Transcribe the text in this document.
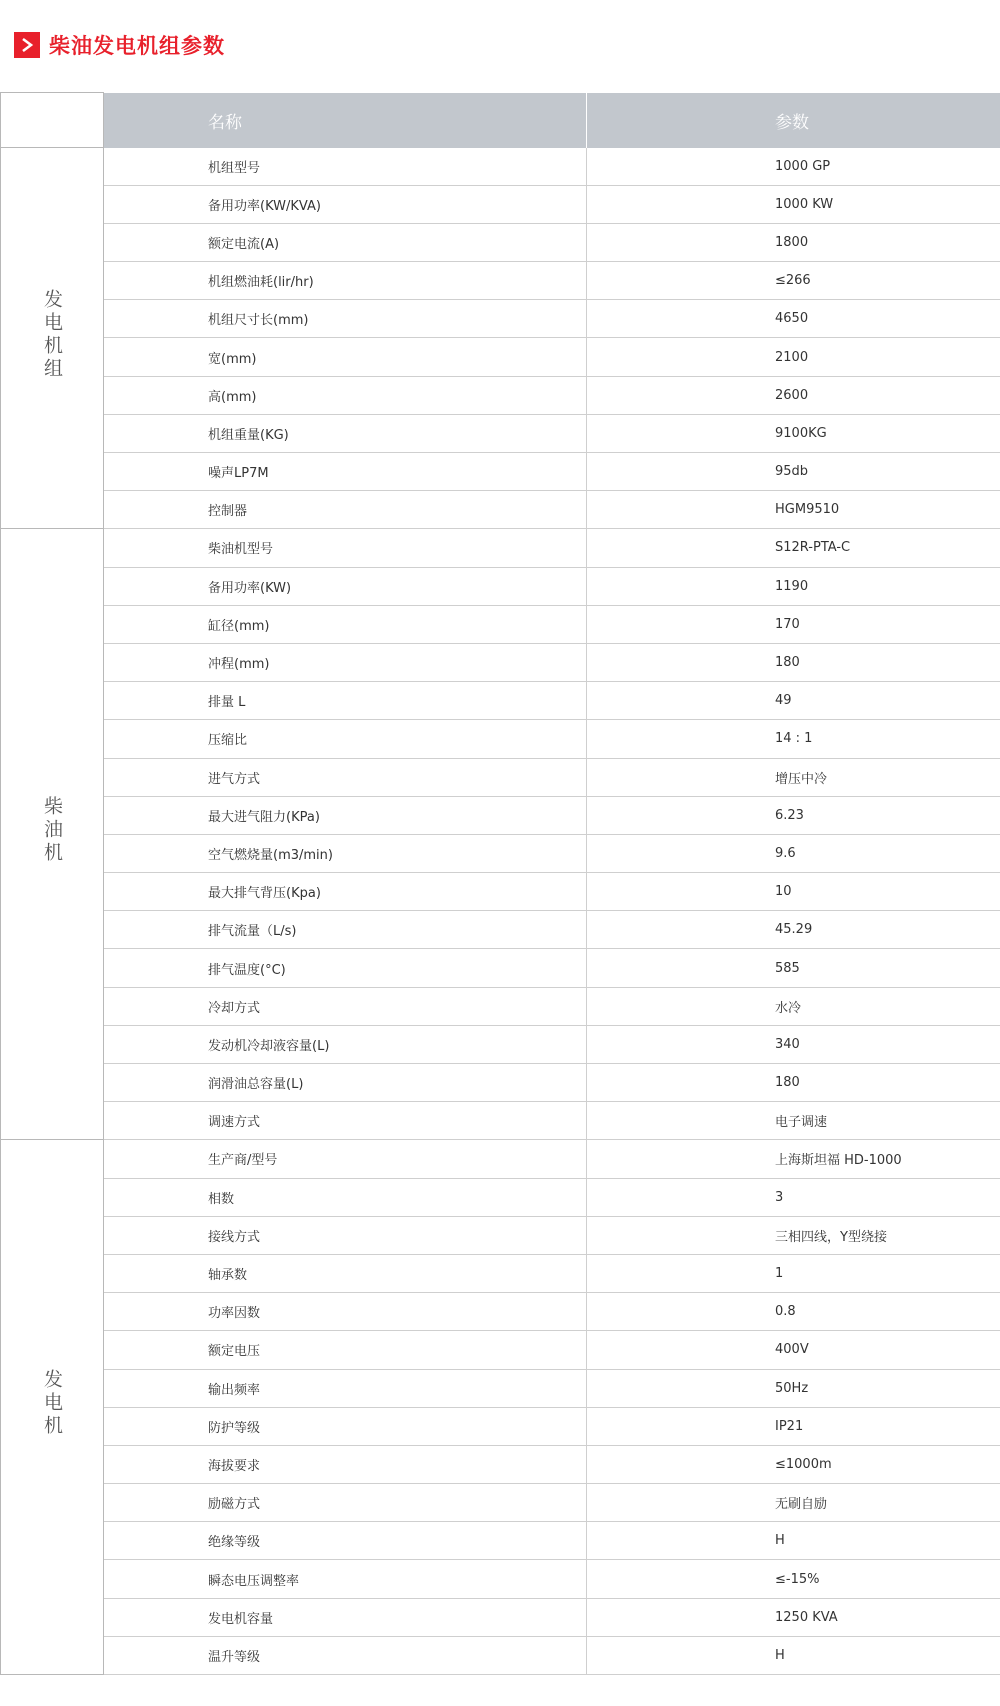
柴油发电机组参数
	名称	参数
发电机组	机组型号	1000 GP
	备用功率(KW/KVA)	1000 KW
	额定电流(A)	1800
	机组燃油耗(lir/hr)	≤266
	机组尺寸长(mm)	4650
	宽(mm)	2100
	高(mm)	2600
	机组重量(KG)	9100KG
	噪声LP7M	95db
	控制器	HGM9510
柴油机	柴油机型号	S12R-PTA-C
	备用功率(KW)	1190
	缸径(mm)	170
	冲程(mm)	180
	排量 L	49
	压缩比	14 : 1
	进气方式	增压中冷
	最大进气阻力(KPa)	6.23
	空气燃烧量(m3/min)	9.6
	最大排气背压(Kpa)	10
	排气流量（L/s)	45.29
	排气温度(°C)	585
	冷却方式	水冷
	发动机冷却液容量(L)	340
	润滑油总容量(L)	180
	调速方式	电子调速
发电机	生产商/型号	上海斯坦福 HD-1000
	相数	3
	接线方式	三相四线，Y型绕接
	轴承数	1
	功率因数	0.8
	额定电压	400V
	输出频率	50Hz
	防护等级	IP21
	海拔要求	≤1000m
	励磁方式	无刷自励
	绝缘等级	H
	瞬态电压调整率	≤-15%
	发电机容量	1250 KVA
	温升等级	H
